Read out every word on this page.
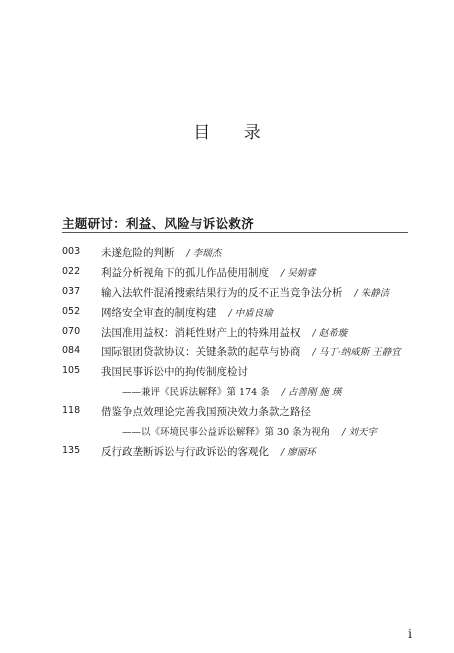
目 录
主题研讨：利益、风险与诉讼救济
003	未遂危险的判断 / 李瑞杰
022	利益分析视角下的孤儿作品使用制度 / 吴娟睿
037	输入法软件混淆搜索结果行为的反不正当竞争法分析 / 朱静洁
052	网络安全审查的制度构建 / 中盾良瑜
070	法国准用益权：消耗性财产上的特殊用益权 / 赵希璇
084	国际银团贷款协议：关键条款的起草与协商 / 马丁·纳威斯 王静宜
105	我国民事诉讼中的拘传制度检讨
——兼评《民诉法解释》第 174 条 / 占善刚 施 瑛
118	借鉴争点效理论完善我国预决效力条款之路径
——以《环境民事公益诉讼解释》第 30 条为视角 / 刘天宇
135	反行政垄断诉讼与行政诉讼的客观化 / 廖丽环
i
